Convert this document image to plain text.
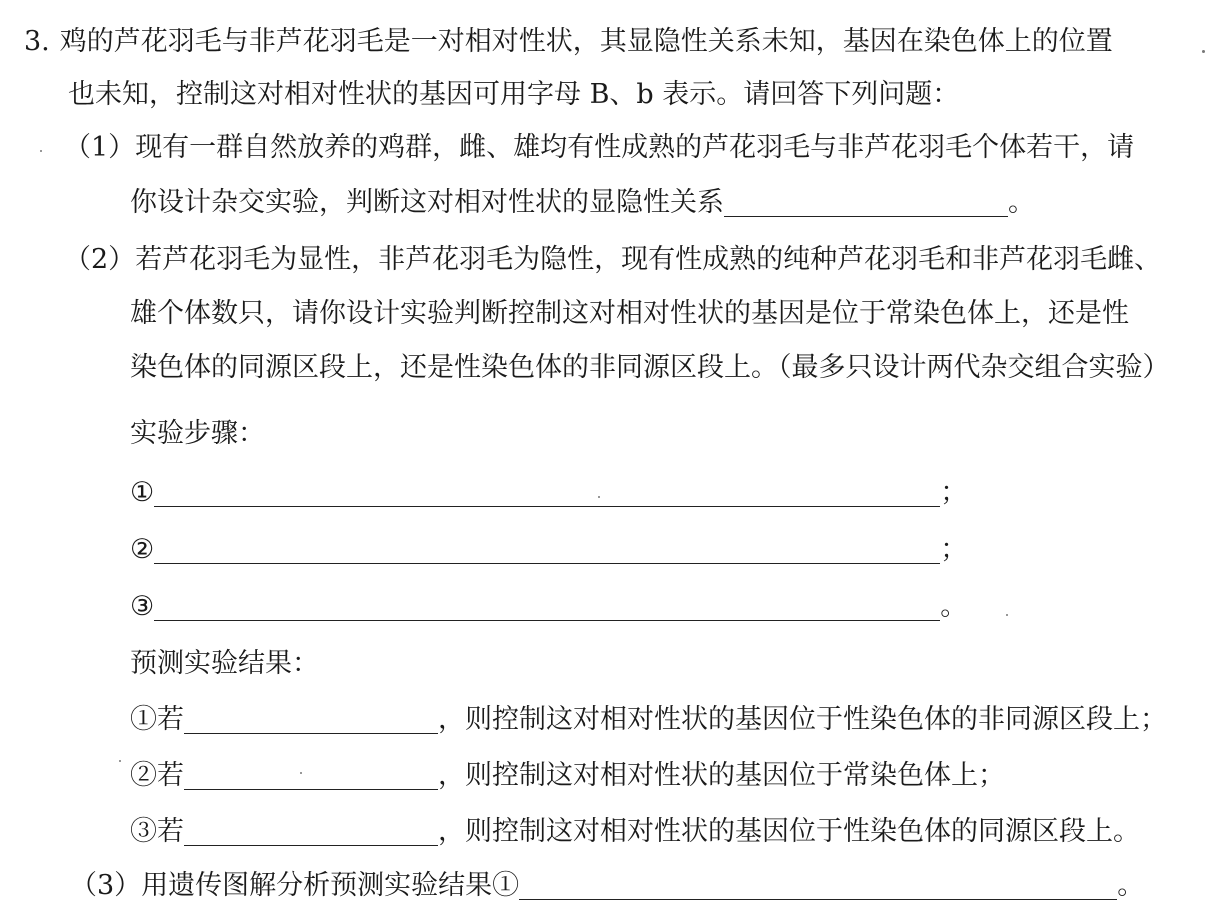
3. 鸡的芦花羽毛与非芦花羽毛是一对相对性状，其显隐性关系未知，基因在染色体上的位置
也未知，控制这对相对性状的基因可用字母 B、b 表示。请回答下列问题：
（1）现有一群自然放养的鸡群，雌、雄均有性成熟的芦花羽毛与非芦花羽毛个体若干，请
你设计杂交实验，判断这对相对性状的显隐性关系	。
（2）若芦花羽毛为显性，非芦花羽毛为隐性，现有性成熟的纯种芦花羽毛和非芦花羽毛雌、
雄个体数只，请你设计实验判断控制这对相对性状的基因是位于常染色体上，还是性
染色体的同源区段上，还是性染色体的非同源区段上。（最多只设计两代杂交组合实验）
实验步骤：
①	；
②	；
③	。
预测实验结果：
①若	，则控制这对相对性状的基因位于性染色体的非同源区段上；
②若	，则控制这对相对性状的基因位于常染色体上；
③若	，则控制这对相对性状的基因位于性染色体的同源区段上。
（3）用遗传图解分析预测实验结果①	。
